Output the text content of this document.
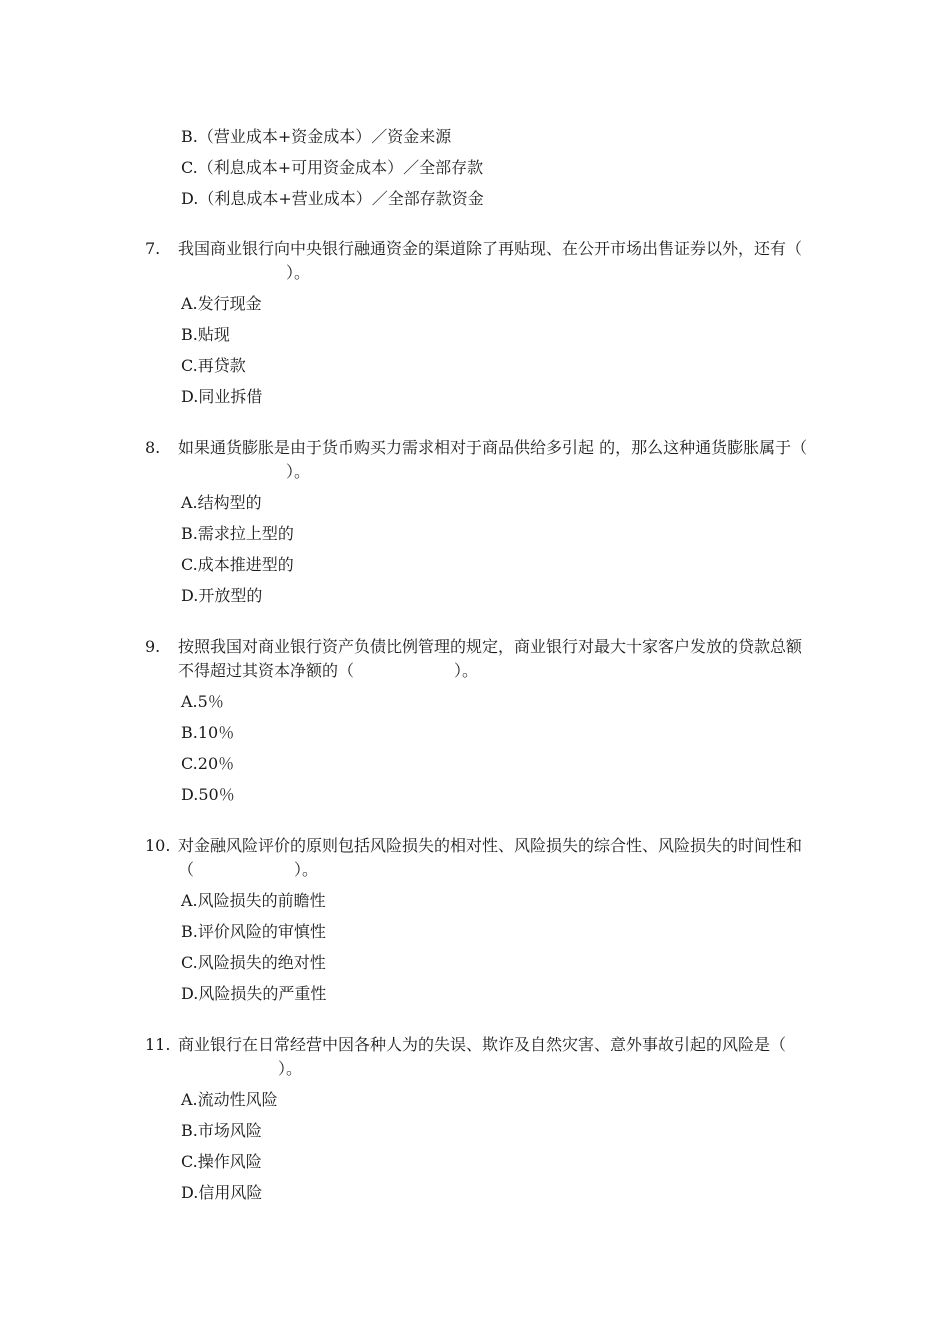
B.（营业成本+资金成本）／资金来源
C.（利息成本+可用资金成本）／全部存款
D.（利息成本+营业成本）／全部存款资金
7.	我国商业银行向中央银行融通资金的渠道除了再贴现、在公开市场出售证券以外，还有（）。
A.发行现金
B.贴现
C.再贷款
D.同业拆借
8.	如果通货膨胀是由于货币购买力需求相对于商品供给多引起 的，那么这种通货膨胀属于（）。
A.结构型的
B.需求拉上型的
C.成本推进型的
D.开放型的
9.	按照我国对商业银行资产负债比例管理的规定，商业银行对最大十家客户发放的贷款总额不得超过其资本净额的（	）。
A.5％
B.10％
C.20％
D.50％
10. 对金融风险评价的原则包括风险损失的相对性、风险损失的综合性、风险损失的时间性和（	）。
A.风险损失的前瞻性
B.评价风险的审慎性
C.风险损失的绝对性
D.风险损失的严重性
11. 商业银行在日常经营中因各种人为的失误、欺诈及自然灾害、意外事故引起的风险是（）。
A.流动性风险
B.市场风险
C.操作风险
D.信用风险
